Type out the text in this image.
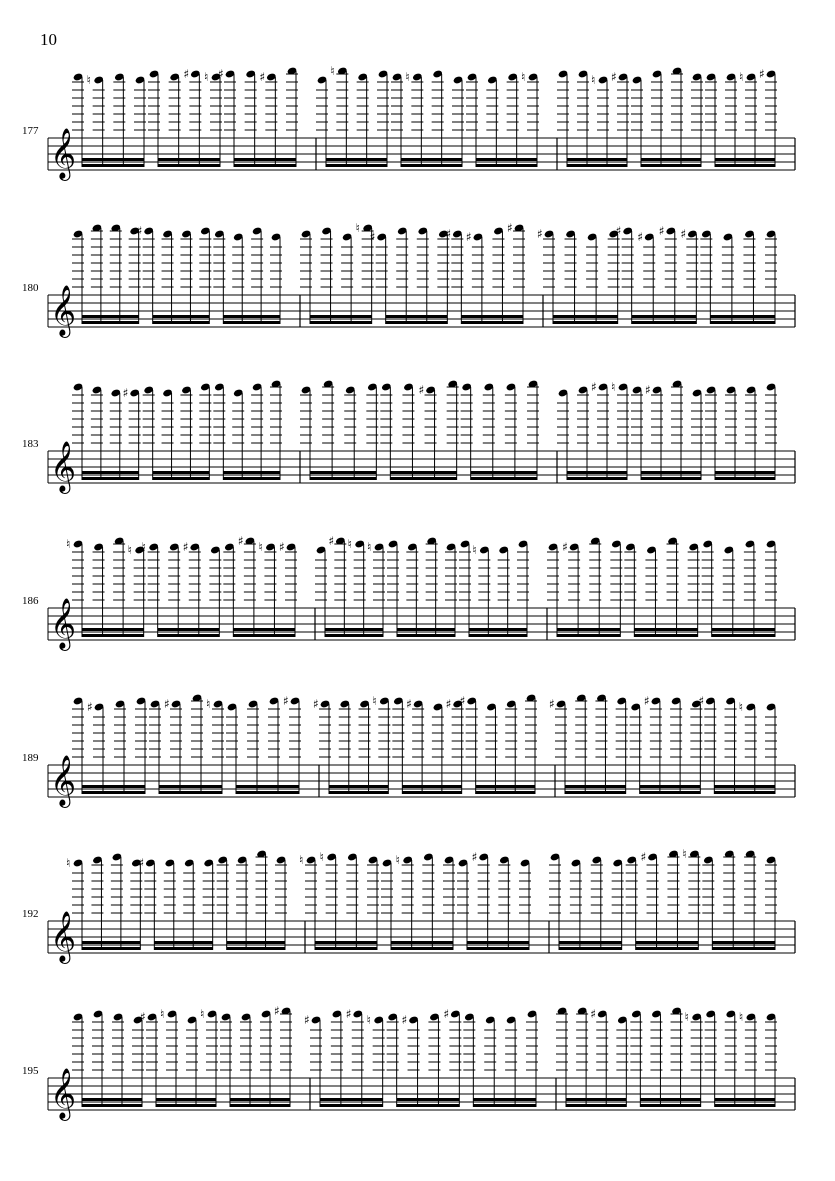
10
177 𝄞
♮	♯ ♮ ♯	♯	♮	♮	♮	♮ ♯	♮ ♯
180 𝄞
♯	♮
♯	♯ ♯
♯ ♯	♯ ♯ ♯ ♯
183 𝄞
♯	♯	♯ ♮ ♯
186 𝄞
♮	♮ ♮	♯	♯ ♮ ♯	♯ ♮ ♮	♮	♯
189 𝄞
♯	♯	♮	♯ ♯	♮ ♯	♯ ♯	♯	♯	♯	♮
192 𝄞
♮	♯	♮ ♮	♮	♯	♯	♮
195 𝄞
♯ ♮	♮	♯
♯	♯ ♮	♯	♯	♯	♮	♮
